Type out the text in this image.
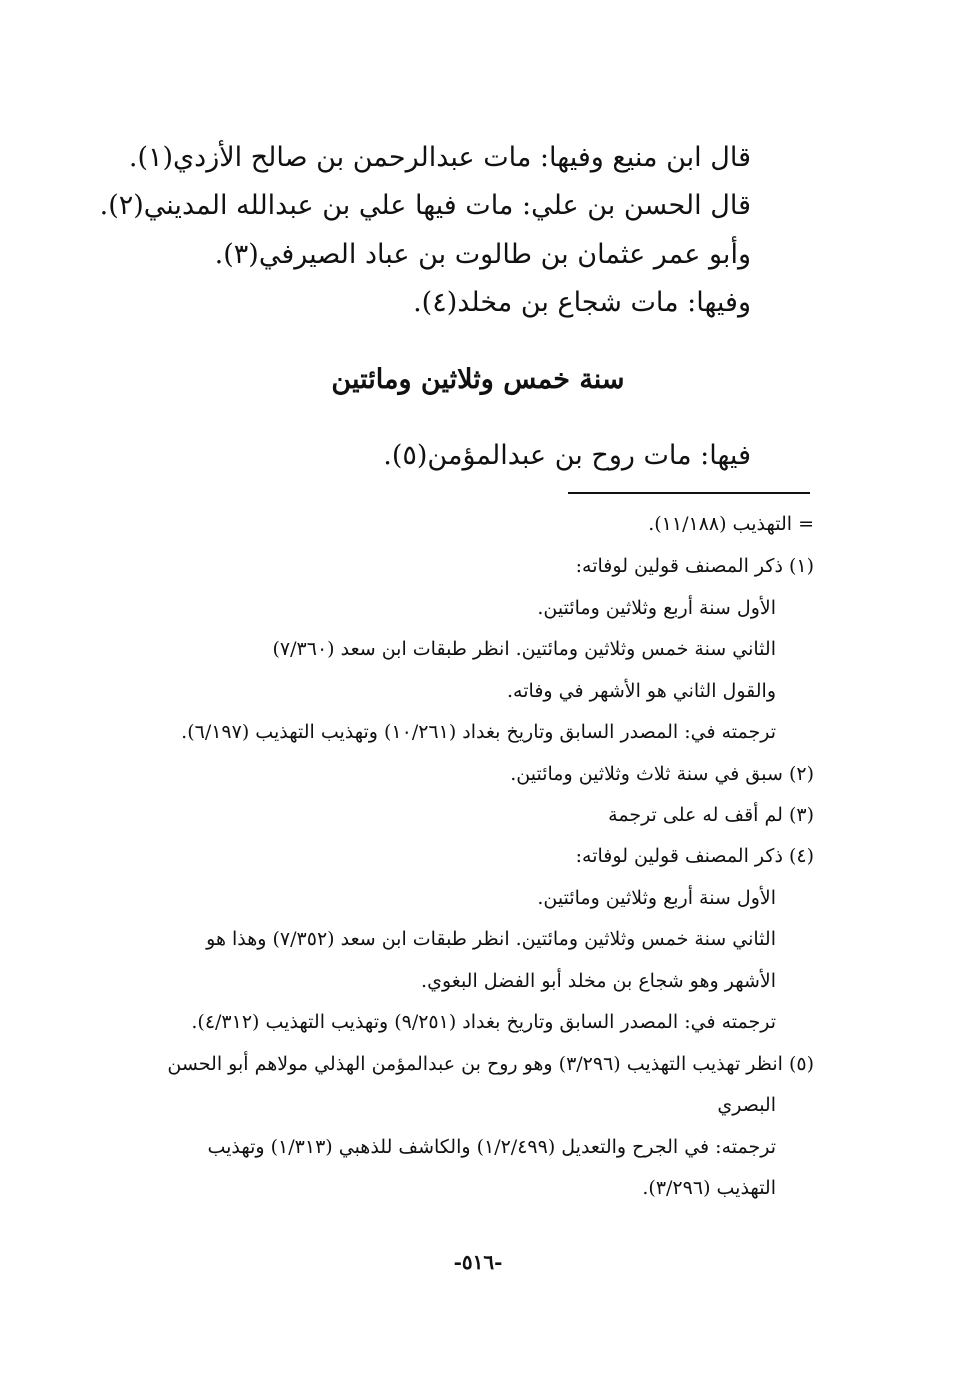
قال ابن منيع وفيها: مات عبدالرحمن بن صالح الأزدي(١).

قال الحسن بن علي: مات فيها علي بن عبدالله المديني(٢).

وأبو عمر عثمان بن طالوت بن عباد الصيرفي(٣).

وفيها: مات شجاع بن مخلد(٤).

سنة خمس وثلاثين ومائتين

فيها: مات روح بن عبدالمؤمن(٥).

= التهذيب (١١/١٨٨).

(١) ذكر المصنف قولين لوفاته:

الأول سنة أربع وثلاثين ومائتين.

الثاني سنة خمس وثلاثين ومائتين. انظر طبقات ابن سعد (٧/٣٦٠)

والقول الثاني هو الأشهر في وفاته.

ترجمته في: المصدر السابق وتاريخ بغداد (١٠/٢٦١) وتهذيب التهذيب (٦/١٩٧).

(٢) سبق في سنة ثلاث وثلاثين ومائتين.

(٣) لم أقف له على ترجمة

(٤) ذكر المصنف قولين لوفاته:

الأول سنة أربع وثلاثين ومائتين.

الثاني سنة خمس وثلاثين ومائتين. انظر طبقات ابن سعد (٧/٣٥٢) وهذا هو

الأشهر وهو شجاع بن مخلد أبو الفضل البغوي.

ترجمته في: المصدر السابق وتاريخ بغداد (٩/٢٥١) وتهذيب التهذيب (٤/٣١٢).

(٥) انظر تهذيب التهذيب (٣/٢٩٦) وهو روح بن عبدالمؤمن الهذلي مولاهم أبو الحسن

البصري

ترجمته: في الجرح والتعديل (١/٢/٤٩٩) والكاشف للذهبي (١/٣١٣) وتهذيب

التهذيب (٣/٢٩٦).

-٥١٦-
